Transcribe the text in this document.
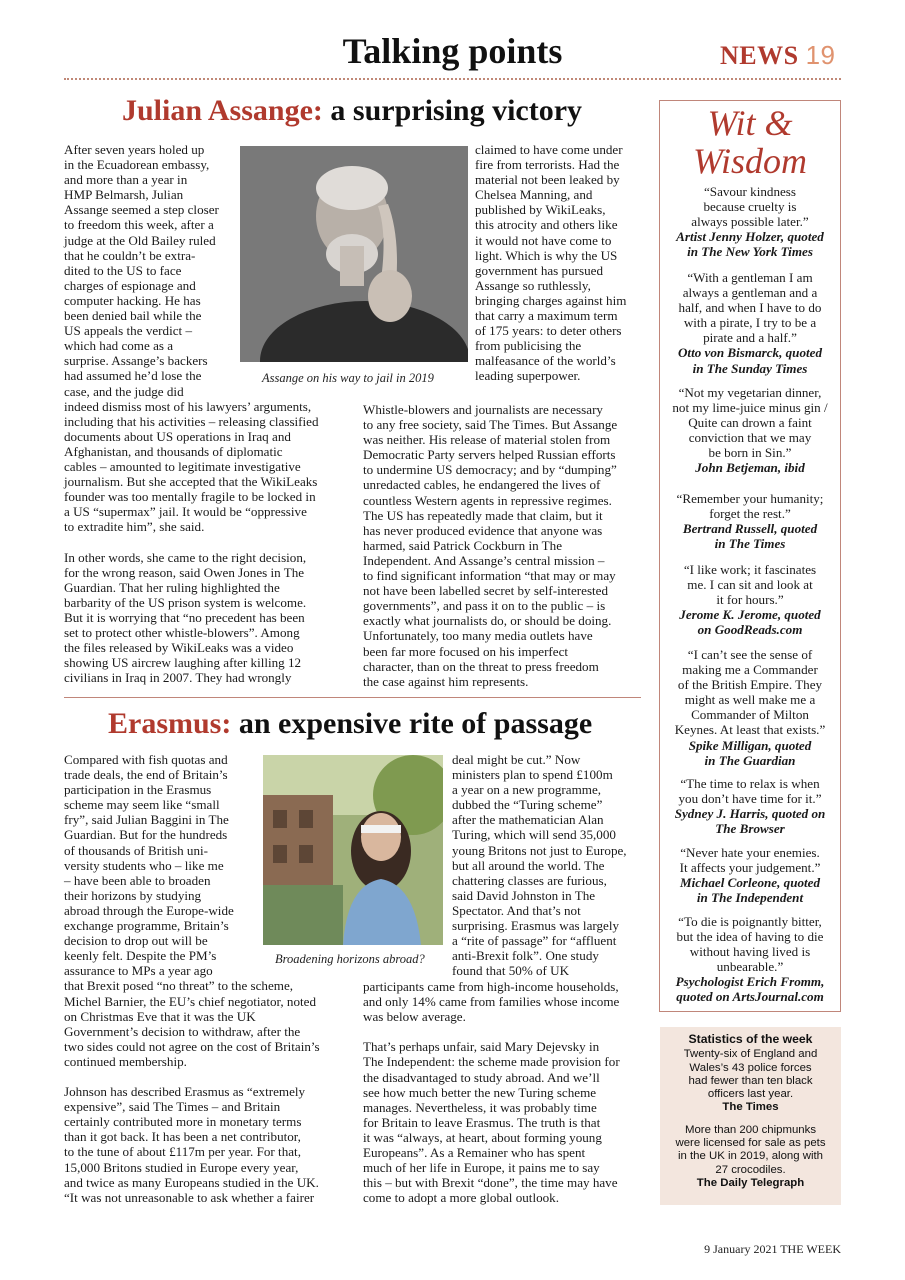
Talking points	NEWS 19
Julian Assange: a surprising victory
Assange on his way to jail in 2019
After seven years holed up
in the Ecuadorean embassy,
and more than a year in
HMP Belmarsh, Julian
Assange seemed a step closer
to freedom this week, after a
judge at the Old Bailey ruled
that he couldn’t be extra-
dited to the US to face
charges of espionage and
computer hacking. He has
been denied bail while the
US appeals the verdict –
which had come as a
surprise. Assange’s backers
had assumed he’d lose the
case, and the judge did
indeed dismiss most of his lawyers’ arguments,
including that his activities – releasing classified
documents about US operations in Iraq and
Afghanistan, and thousands of diplomatic
cables – amounted to legitimate investigative
journalism. But she accepted that the WikiLeaks
founder was too mentally fragile to be locked in
a US “supermax” jail. It would be “oppressive
to extradite him”, she said.
In other words, she came to the right decision,
for the wrong reason, said Owen Jones in The
Guardian. That her ruling highlighted the
barbarity of the US prison system is welcome.
But it is worrying that “no precedent has been
set to protect other whistle-blowers”. Among
the files released by WikiLeaks was a video
showing US aircrew laughing after killing 12
civilians in Iraq in 2007. They had wrongly
claimed to have come under
fire from terrorists. Had the
material not been leaked by
Chelsea Manning, and
published by WikiLeaks,
this atrocity and others like
it would not have come to
light. Which is why the US
government has pursued
Assange so ruthlessly,
bringing charges against him
that carry a maximum term
of 175 years: to deter others
from publicising the
malfeasance of the world’s
leading superpower.
Whistle-blowers and journalists are necessary
to any free society, said The Times. But Assange
was neither. His release of material stolen from
Democratic Party servers helped Russian efforts
to undermine US democracy; and by “dumping”
unredacted cables, he endangered the lives of
countless Western agents in repressive regimes.
The US has repeatedly made that claim, but it
has never produced evidence that anyone was
harmed, said Patrick Cockburn in The
Independent. And Assange’s central mission –
to find significant information “that may or may
not have been labelled secret by self-interested
governments”, and pass it on to the public – is
exactly what journalists do, or should be doing.
Unfortunately, too many media outlets have
been far more focused on his imperfect
character, than on the threat to press freedom
the case against him represents.
Erasmus: an expensive rite of passage
Broadening horizons abroad?
Compared with fish quotas and
trade deals, the end of Britain’s
participation in the Erasmus
scheme may seem like “small
fry”, said Julian Baggini in The
Guardian. But for the hundreds
of thousands of British uni-
versity students who – like me
– have been able to broaden
their horizons by studying
abroad through the Europe-wide
exchange programme, Britain’s
decision to drop out will be
keenly felt. Despite the PM’s
assurance to MPs a year ago
that Brexit posed “no threat” to the scheme,
Michel Barnier, the EU’s chief negotiator, noted
on Christmas Eve that it was the UK
Government’s decision to withdraw, after the
two sides could not agree on the cost of Britain’s
continued membership.
Johnson has described Erasmus as “extremely
expensive”, said The Times – and Britain
certainly contributed more in monetary terms
than it got back. It has been a net contributor,
to the tune of about £117m per year. For that,
15,000 Britons studied in Europe every year,
and twice as many Europeans studied in the UK.
“It was not unreasonable to ask whether a fairer
deal might be cut.” Now
ministers plan to spend £100m
a year on a new programme,
dubbed the “Turing scheme”
after the mathematician Alan
Turing, which will send 35,000
young Britons not just to Europe,
but all around the world. The
chattering classes are furious,
said David Johnston in The
Spectator. And that’s not
surprising. Erasmus was largely
a “rite of passage” for “affluent
anti-Brexit folk”. One study
found that 50% of UK
participants came from high-income households,
and only 14% came from families whose income
was below average.
That’s perhaps unfair, said Mary Dejevsky in
The Independent: the scheme made provision for
the disadvantaged to study abroad. And we’ll
see how much better the new Turing scheme
manages. Nevertheless, it was probably time
for Britain to leave Erasmus. The truth is that
it was “always, at heart, about forming young
Europeans”. As a Remainer who has spent
much of her life in Europe, it pains me to say
this – but with Brexit “done”, the time may have
come to adopt a more global outlook.
Wit &
Wisdom
“Savour kindness
because cruelty is
always possible later.”
Artist Jenny Holzer, quoted
in The New York Times
“With a gentleman I am
always a gentleman and a
half, and when I have to do
with a pirate, I try to be a
pirate and a half.”
Otto von Bismarck, quoted
in The Sunday Times
“Not my vegetarian dinner,
not my lime-juice minus gin /
Quite can drown a faint
conviction that we may
be born in Sin.”
John Betjeman, ibid
“Remember your humanity;
forget the rest.”
Bertrand Russell, quoted
in The Times
“I like work; it fascinates
me. I can sit and look at
it for hours.”
Jerome K. Jerome, quoted
on GoodReads.com
“I can’t see the sense of
making me a Commander
of the British Empire. They
might as well make me a
Commander of Milton
Keynes. At least that exists.”
Spike Milligan, quoted
in The Guardian
“The time to relax is when
you don’t have time for it.”
Sydney J. Harris, quoted on
The Browser
“Never hate your enemies.
It affects your judgement.”
Michael Corleone, quoted
in The Independent
“To die is poignantly bitter,
but the idea of having to die
without having lived is
unbearable.”
Psychologist Erich Fromm,
quoted on ArtsJournal.com
Statistics of the week
Twenty-six of England and
Wales’s 43 police forces
had fewer than ten black
officers last year.
The Times
More than 200 chipmunks
were licensed for sale as pets
in the UK in 2019, along with
27 crocodiles.
The Daily Telegraph
9 January 2021 THE WEEK
